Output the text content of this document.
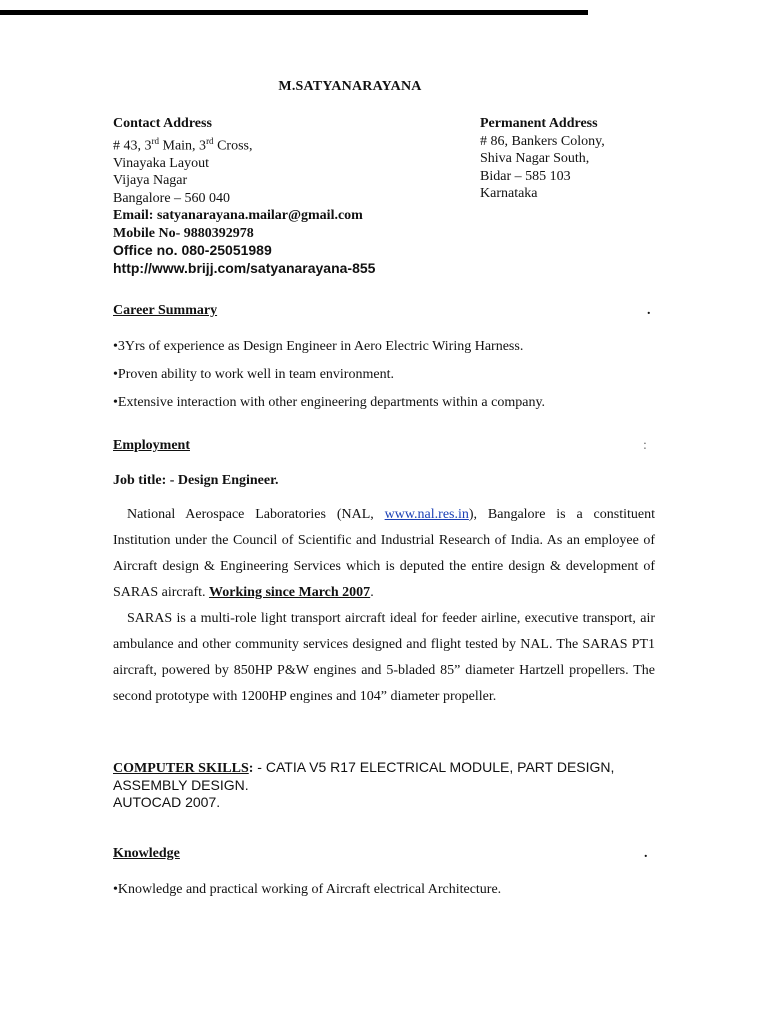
M.SATYANARAYANA
Contact Address
# 43, 3rd Main, 3rd Cross,
Vinayaka Layout
Vijaya Nagar
Bangalore – 560 040
Email: satyanarayana.mailar@gmail.com
Mobile No- 9880392978
Office no. 080-25051989
http://www.brijj.com/satyanarayana-855
Permanent Address
# 86, Bankers Colony,
Shiva Nagar South,
Bidar – 585 103
Karnataka
Career Summary	.
•3Yrs of experience as Design Engineer in Aero Electric Wiring Harness.
•Proven ability to work well in team environment.
•Extensive interaction with other engineering departments within a company.
Employment	:
Job title: - Design Engineer.
National Aerospace Laboratories (NAL, www.nal.res.in), Bangalore is a constituent Institution under the Council of Scientific and Industrial Research of India. As an employee of Aircraft design & Engineering Services which is deputed the entire design & development of SARAS aircraft. Working since March 2007.
SARAS is a multi-role light transport aircraft ideal for feeder airline, executive transport, air ambulance and other community services designed and flight tested by NAL. The SARAS PT1 aircraft, powered by 850HP P&W engines and 5-bladed 85” diameter Hartzell propellers. The second prototype with 1200HP engines and 104” diameter propeller.
COMPUTER SKILLS: - CATIA V5 R17 ELECTRICAL MODULE, PART DESIGN, ASSEMBLY DESIGN.
AUTOCAD 2007.
Knowledge	.
•Knowledge and practical working of Aircraft electrical Architecture.
